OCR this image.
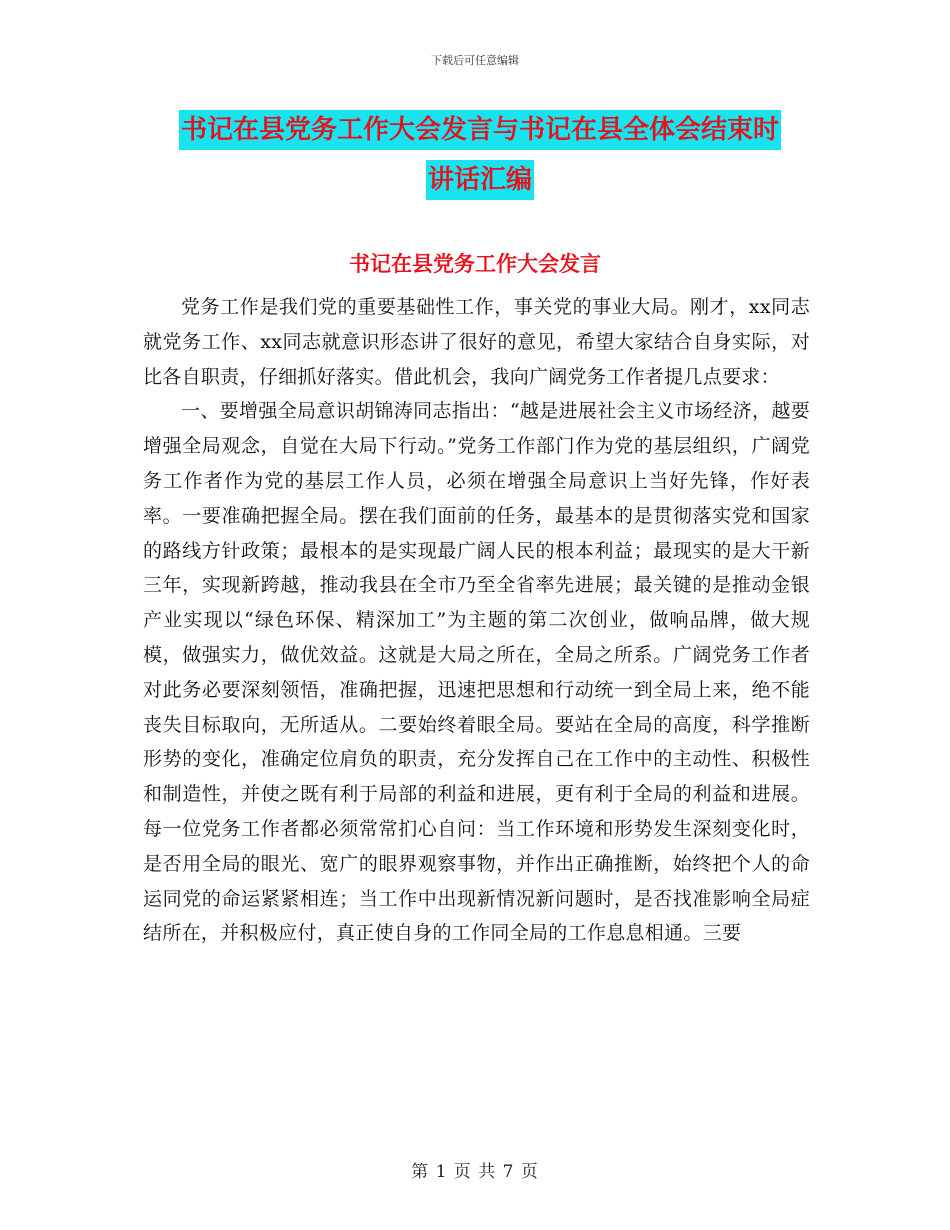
下载后可任意编辑
书记在县党务工作大会发言与书记在县全体会结束时
讲话汇编
书记在县党务工作大会发言

党务工作是我们党的重要基础性工作，事关党的事业大局。刚才，xx同志就党务工作、xx同志就意识形态讲了很好的意见，希望大家结合自身实际，对比各自职责，仔细抓好落实。借此机会，我向广阔党务工作者提几点要求：

一、要增强全局意识胡锦涛同志指出：“越是进展社会主义市场经济，越要增强全局观念，自觉在大局下行动。”党务工作部门作为党的基层组织，广阔党务工作者作为党的基层工作人员，必须在增强全局意识上当好先锋，作好表率。一要准确把握全局。摆在我们面前的任务，最基本的是贯彻落实党和国家的路线方针政策；最根本的是实现最广阔人民的根本利益；最现实的是大干新三年，实现新跨越，推动我县在全市乃至全省率先进展；最关键的是推动金银产业实现以“绿色环保、精深加工”为主题的第二次创业，做响品牌，做大规模，做强实力，做优效益。这就是大局之所在，全局之所系。广阔党务工作者对此务必要深刻领悟，准确把握，迅速把思想和行动统一到全局上来，绝不能丧失目标取向，无所适从。二要始终着眼全局。要站在全局的高度，科学推断形势的变化，准确定位肩负的职责，充分发挥自己在工作中的主动性、积极性和制造性，并使之既有利于局部的利益和进展，更有利于全局的利益和进展。每一位党务工作者都必须常常扪心自问：当工作环境和形势发生深刻变化时，是否用全局的眼光、宽广的眼界观察事物，并作出正确推断，始终把个人的命运同党的命运紧紧相连；当工作中出现新情况新问题时，是否找准影响全局症结所在，并积极应付，真正使自身的工作同全局的工作息息相通。三要

第 1 页 共 7 页
